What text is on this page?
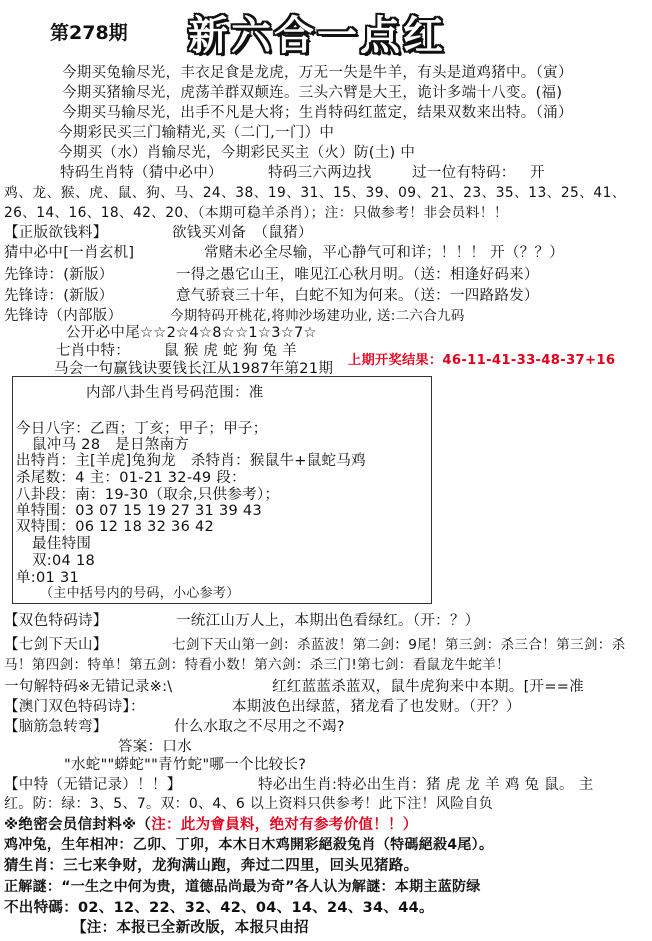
第278期 新六合一点红
今期买兔输尽光，丰衣足食是龙虎，万无一失是牛羊，有头是道鸡猪中。（寅）
今期买猪输尽光，虎荡羊群双颠连。三头六臂是大王，诡计多端十八变。(福)
今期买马输尽光，出手不凡是大将；生肖特码红蓝定，结果双数来出特。（涌）
今期彩民买三门输精光,买（二门,一门）中
今期买（水）肖输尽光，今期彩民买主（火）防(土) 中
特码生肖特（猜中必中）	特码三六两边找	过一位有特码： 开
鸡、龙、猴、虎、鼠、狗、马、24、38、19、31、15、39、09、21、23、35、13、25、41、
26、14、16、18、42、20、（本期可稳羊杀肖）；注：只做参考！非会员料！！
【正版欲钱料】	欲钱买刈备　（鼠猪）
猜中必中[一肖玄机]	常赌未必全尽输，平心静气可和详；！！！ 开（？？）
先锋诗：(新版）	一得之愚它山王，唯见江心秋月明。（送：相逢好码来）
先锋诗：(新版）	意气骄衰三十年，白蛇不知为何来。（送：一四路路发）
先锋诗（内部版）	今期特码开桃花,将帅沙场建功业, 送:二六合九码
公开必中尾☆☆2☆4☆8☆☆1☆3☆7☆
七肖中特： 鼠 猴 虎 蛇 狗 兔 羊
马会一句赢钱诀要钱长江从1987年第21期
上期开奖结果：46-11-41-33-48-37+16
内部八卦生肖号码范围：准
今日八字：乙酉；丁亥；甲子；甲子；
鼠冲马 28　是日煞南方
出特肖：主[羊虎]兔狗龙　杀特肖：猴鼠牛+鼠蛇马鸡
杀尾数：4 主：01-21 32-49 段：
八卦段：南：19-30（取余,只供参考）；
单特围：03 07 15 19 27 31 39 43
双特围：06 12 18 32 36 42
最佳特围
双:04 18
单:01 31
（主中括号内的号码，小心参考）
【双色特码诗】	一统江山万人上，本期出色看绿红。（开：？）
【七剑下天山】	七剑下天山第一剑：杀蓝波！第二剑：9尾！第三剑：杀三合！第三剑：杀
马！第四剑：特单！第五剑：特看小数！第六剑：杀三门!第七剑：看鼠龙牛蛇羊！
一句解特码※无错记录※:\	红红蓝蓝杀蓝双，鼠牛虎狗来中本期。[开==准
【澳门双色特码诗】：	本期波色出绿蓝，猪龙看了也发财。（开？）
【脑筋急转弯】	什么水取之不尽用之不竭?
答案：口水
"水蛇""蟒蛇""青竹蛇"哪一个比较长?
【中特（无错记录）！！】	特必出生肖:特必出生肖：猪 虎 龙 羊 鸡 兔 鼠。 主
红。防：绿：3、5、7。双：0、4、6 以上资料只供参考！此下注！风险自负
※绝密会员信封料※（注：此为會員料，绝对有参考价值！！）
鸡冲兔，生年相冲：乙卯、丁卯，本木日木鸡開彩絕殺兔肖（特碼絕殺4尾）。
猜生肖：三七来争财，龙狗满山跑，奔过二四里，回头见猪路。
正解謎：“一生之中何为贵，道德品尚最为奇”各人认为解謎：本期主蓝防绿
不出特碼：02、12、22、32、42、04、14、24、34、44。
【注：本报已全新改版，本报只由招
